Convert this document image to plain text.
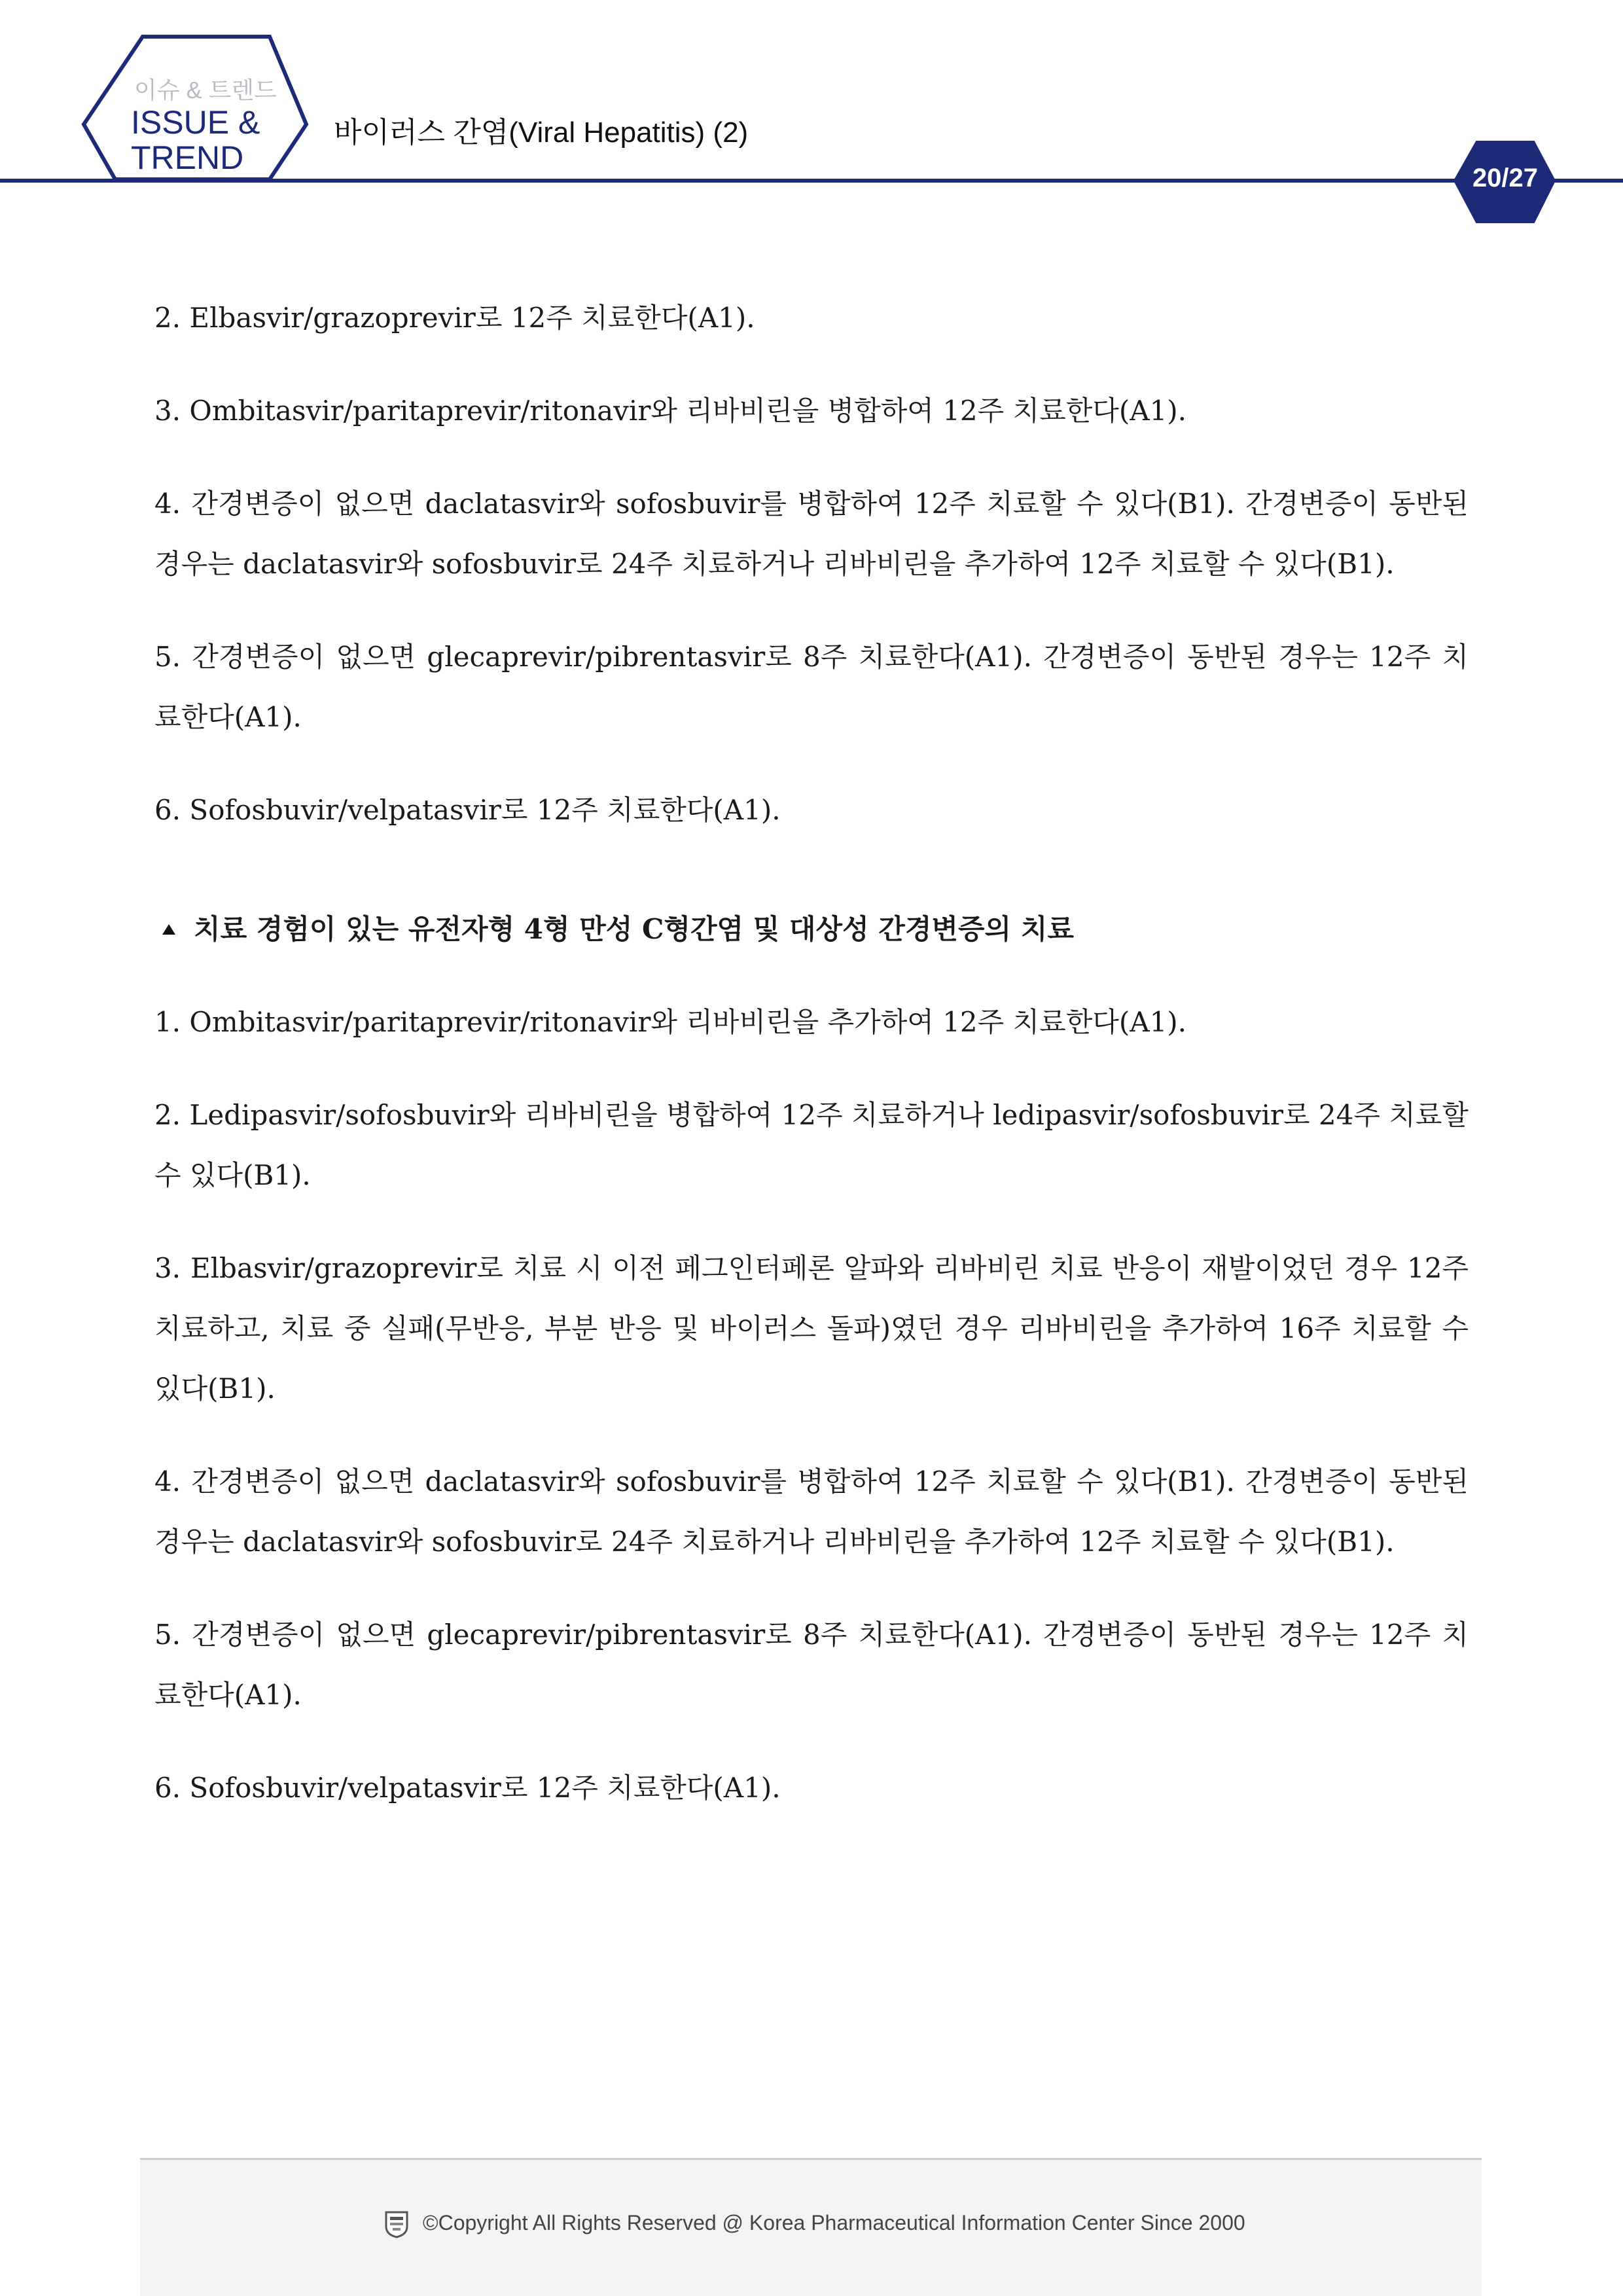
이슈 & 트렌드
ISSUE &
TREND
바이러스 간염(Viral Hepatitis) (2)
20/27

2. Elbasvir/grazoprevir로 12주 치료한다(A1).

3. Ombitasvir/paritaprevir/ritonavir와 리바비린을 병합하여 12주 치료한다(A1).

4. 간경변증이 없으면 daclatasvir와 sofosbuvir를 병합하여 12주 치료할 수 있다(B1). 간경변증이 동반된 경우는 daclatasvir와 sofosbuvir로 24주 치료하거나 리바비린을 추가하여 12주 치료할 수 있다(B1).

5. 간경변증이 없으면 glecaprevir/pibrentasvir로 8주 치료한다(A1). 간경변증이 동반된 경우는 12주 치료한다(A1).

6. Sofosbuvir/velpatasvir로 12주 치료한다(A1).

치료 경험이 있는 유전자형 4형 만성 C형간염 및 대상성 간경변증의 치료

1. Ombitasvir/paritaprevir/ritonavir와 리바비린을 추가하여 12주 치료한다(A1).

2. Ledipasvir/sofosbuvir와 리바비린을 병합하여 12주 치료하거나 ledipasvir/sofosbuvir로 24주 치료할 수 있다(B1).

3. Elbasvir/grazoprevir로 치료 시 이전 페그인터페론 알파와 리바비린 치료 반응이 재발이었던 경우 12주 치료하고, 치료 중 실패(무반응, 부분 반응 및 바이러스 돌파)였던 경우 리바비린을 추가하여 16주 치료할 수 있다(B1).

4. 간경변증이 없으면 daclatasvir와 sofosbuvir를 병합하여 12주 치료할 수 있다(B1). 간경변증이 동반된 경우는 daclatasvir와 sofosbuvir로 24주 치료하거나 리바비린을 추가하여 12주 치료할 수 있다(B1).

5. 간경변증이 없으면 glecaprevir/pibrentasvir로 8주 치료한다(A1). 간경변증이 동반된 경우는 12주 치료한다(A1).

6. Sofosbuvir/velpatasvir로 12주 치료한다(A1).

©Copyright All Rights Reserved @ Korea Pharmaceutical Information Center Since 2000
